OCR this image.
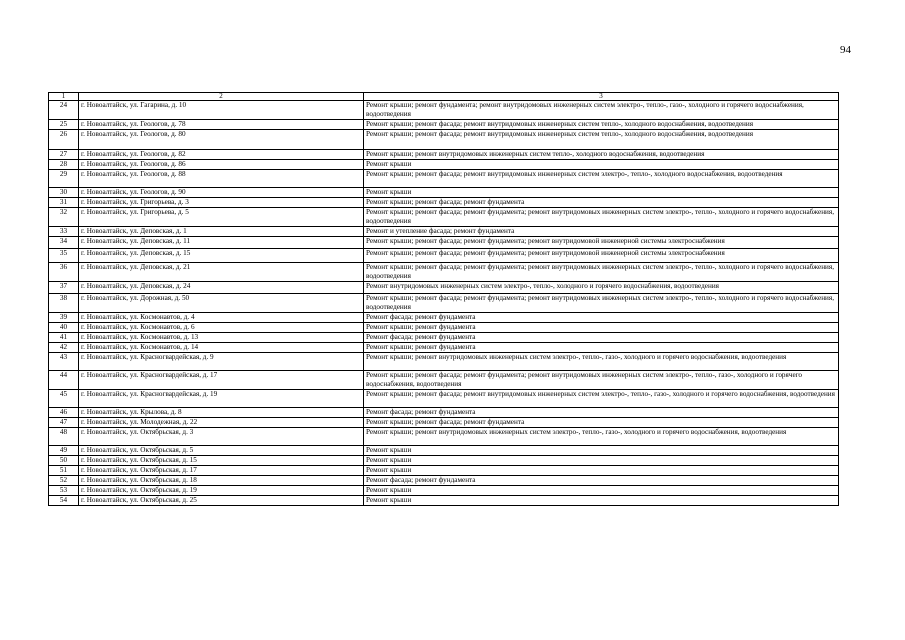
94
1	2	3
24	г. Новоалтайск, ул. Гагарина, д. 10	Ремонт крыши; ремонт фундамента; ремонт внутридомовых инженерных систем электро-, тепло-, газо-, холодного и горячего водоснабжения, водоотведения
25	г. Новоалтайск, ул. Геологов, д. 78	Ремонт крыши; ремонт фасада; ремонт внутридомовых инженерных систем тепло-, холодного водоснабжения, водоотведения
26	г. Новоалтайск, ул. Геологов, д. 80	Ремонт крыши; ремонт фасада; ремонт внутридомовых инженерных систем тепло-, холодного водоснабжения, водоотведения
27	г. Новоалтайск, ул. Геологов, д. 82	Ремонт крыши; ремонт внутридомовых инженерных систем тепло-, холодного водоснабжения, водоотведения
28	г. Новоалтайск, ул. Геологов, д. 86	Ремонт крыши
29	г. Новоалтайск, ул. Геологов, д. 88	Ремонт крыши; ремонт фасада; ремонт внутридомовых инженерных систем электро-, тепло-, холодного водоснабжения, водоотведения
30	г. Новоалтайск, ул. Геологов, д. 90	Ремонт крыши
31	г. Новоалтайск, ул. Григорьева, д. 3	Ремонт крыши; ремонт фасада; ремонт фундамента
32	г. Новоалтайск, ул. Григорьева, д. 5	Ремонт крыши; ремонт фасада; ремонт фундамента; ремонт внутридомовых инженерных систем электро-, тепло-, холодного и горячего водоснабжения, водоотведения
33	г. Новоалтайск, ул. Деповская, д. 1	Ремонт и утепление фасада; ремонт фундамента
34	г. Новоалтайск, ул. Деповская, д. 11	Ремонт крыши; ремонт фасада; ремонт фундамента; ремонт внутридомовой инженерной системы электроснабжения
35	г. Новоалтайск, ул. Деповская, д. 15	Ремонт крыши; ремонт фасада; ремонт фундамента; ремонт внутридомовой инженерной системы электроснабжения
36	г. Новоалтайск, ул. Деповская, д. 21	Ремонт крыши; ремонт фасада; ремонт фундамента; ремонт внутридомовых инженерных систем электро-, тепло-, холодного и горячего водоснабжения, водоотведения
37	г. Новоалтайск, ул. Деповская, д. 24	Ремонт внутридомовых инженерных систем электро-, тепло-, холодного и горячего водоснабжения, водоотведения
38	г. Новоалтайск, ул. Дорожная, д. 50	Ремонт крыши; ремонт фасада; ремонт фундамента; ремонт внутридомовых инженерных систем электро-, тепло-, холодного и горячего водоснабжения, водоотведения
39	г. Новоалтайск, ул. Космонавтов, д. 4	Ремонт фасада; ремонт фундамента
40	г. Новоалтайск, ул. Космонавтов, д. 6	Ремонт крыши; ремонт фундамента
41	г. Новоалтайск, ул. Космонавтов, д. 13	Ремонт фасада; ремонт фундамента
42	г. Новоалтайск, ул. Космонавтов, д. 14	Ремонт крыши; ремонт фундамента
43	г. Новоалтайск, ул. Красногвардейская, д. 9	Ремонт крыши; ремонт внутридомовых инженерных систем электро-, тепло-, газо-, холодного и горячего водоснабжения, водоотведения
44	г. Новоалтайск, ул. Красногвардейская, д. 17	Ремонт крыши; ремонт фасада; ремонт фундамента; ремонт внутридомовых инженерных систем электро-, тепло-, газо-, холодного и горячего водоснабжения, водоотведения
45	г. Новоалтайск, ул. Красногвардейская, д. 19	Ремонт крыши; ремонт фасада; ремонт внутридомовых инженерных систем электро-, тепло-, газо-, холодного и горячего водоснабжения, водоотведения
46	г. Новоалтайск, ул. Крылова, д. 8	Ремонт фасада; ремонт фундамента
47	г. Новоалтайск, ул. Молодежная, д. 22	Ремонт крыши; ремонт фасада; ремонт фундамента
48	г. Новоалтайск, ул. Октябрьская, д. 3	Ремонт крыши; ремонт внутридомовых инженерных систем электро-, тепло-, газо-, холодного и горячего водоснабжения, водоотведения
49	г. Новоалтайск, ул. Октябрьская, д. 5	Ремонт крыши
50	г. Новоалтайск, ул. Октябрьская, д. 15	Ремонт крыши
51	г. Новоалтайск, ул. Октябрьская, д. 17	Ремонт крыши
52	г. Новоалтайск, ул. Октябрьская, д. 18	Ремонт фасада; ремонт фундамента
53	г. Новоалтайск, ул. Октябрьская, д. 19	Ремонт крыши
54	г. Новоалтайск, ул. Октябрьская, д. 25	Ремонт крыши
